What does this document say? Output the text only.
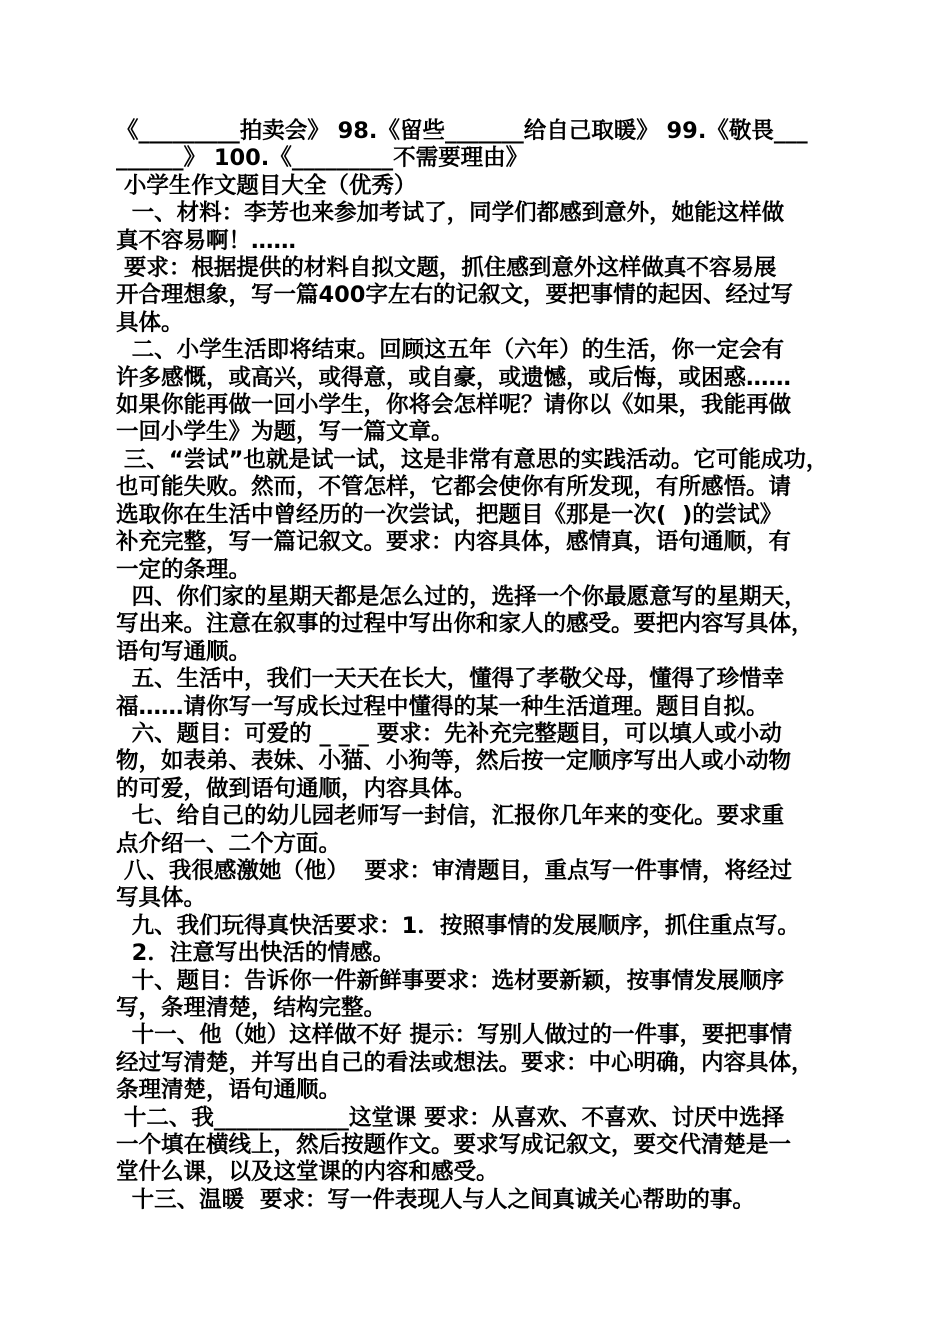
《_________拍卖会》 98.《留些_______给自己取暖》 99.《敬畏___
______》 100.《_________不需要理由》
小学生作文题目大全（优秀）
一、材料：李芳也来参加考试了，同学们都感到意外，她能这样做
真不容易啊！……
要求：根据提供的材料自拟文题，抓住感到意外这样做真不容易展
开合理想象，写一篇400字左右的记叙文，要把事情的起因、经过写
具体。
二、小学生活即将结束。回顾这五年（六年）的生活，你一定会有
许多感慨，或高兴，或得意，或自豪，或遗憾，或后悔，或困惑……
如果你能再做一回小学生，你将会怎样呢？请你以《如果，我能再做
一回小学生》为题，写一篇文章。
三、“尝试”也就是试一试，这是非常有意思的实践活动。它可能成功，
也可能失败。然而，不管怎样，它都会使你有所发现，有所感悟。请
选取你在生活中曾经历的一次尝试，把题目《那是一次(  )的尝试》
补充完整，写一篇记叙文。要求：内容具体，感情真，语句通顺，有
一定的条理。
四、你们家的星期天都是怎么过的，选择一个你最愿意写的星期天，
写出来。注意在叙事的过程中写出你和家人的感受。要把内容写具体，
语句写通顺。
五、生活中，我们一天天在长大，懂得了孝敬父母，懂得了珍惜幸
福……请你写一写成长过程中懂得的某一种生活道理。题目自拟。
六、题目：可爱的 _ _ _ 要求：先补充完整题目，可以填人或小动
物，如表弟、表妹、小猫、小狗等，然后按一定顺序写出人或小动物
的可爱，做到语句通顺，内容具体。
七、给自己的幼儿园老师写一封信，汇报你几年来的变化。要求重
点介绍一、二个方面。
八、我很感激她（他）  要求：审清题目，重点写一件事情，将经过
写具体。
九、我们玩得真快活要求：1．按照事情的发展顺序，抓住重点写。
2．注意写出快活的情感。
十、题目：告诉你一件新鲜事要求：选材要新颖，按事情发展顺序
写，条理清楚，结构完整。
十一、他（她）这样做不好 提示：写别人做过的一件事，要把事情
经过写清楚，并写出自己的看法或想法。要求：中心明确，内容具体，
条理清楚，语句通顺。
十二、我____________这堂课 要求：从喜欢、不喜欢、讨厌中选择
一个填在横线上，然后按题作文。要求写成记叙文，要交代清楚是一
堂什么课，以及这堂课的内容和感受。
十三、温暖  要求：写一件表现人与人之间真诚关心帮助的事。
